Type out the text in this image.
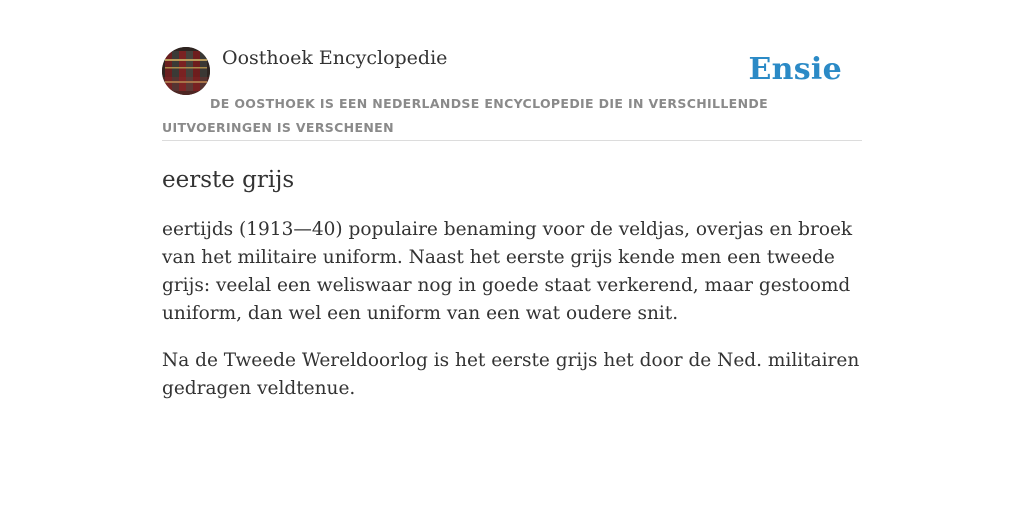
Oosthoek Encyclopedie	Ensie
DE OOSTHOEK IS EEN NEDERLANDSE ENCYCLOPEDIE DIE IN VERSCHILLENDE UITVOERINGEN IS VERSCHENEN
eerste grijs

eertijds (1913—40) populaire benaming voor de veldjas, overjas en broek van het militaire uniform. Naast het eerste grijs kende men een tweede grijs: veelal een weliswaar nog in goede staat verkerend, maar gestoomd uniform, dan wel een uniform van een wat oudere snit.

Na de Tweede Wereldoorlog is het eerste grijs het door de Ned. militairen gedragen veldtenue.
